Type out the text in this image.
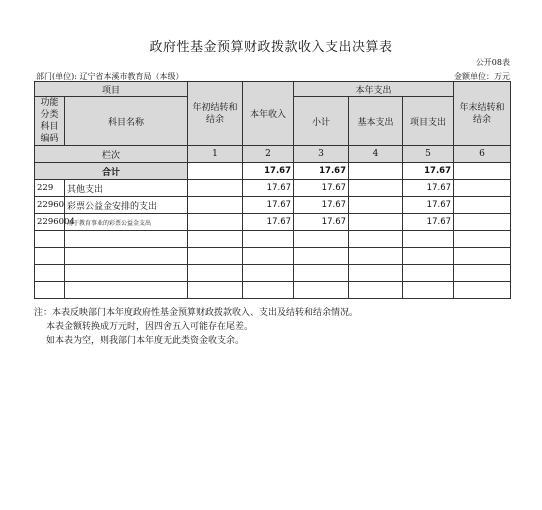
政府性基金预算财政拨款收入支出决算表
公开08表
部门(单位): 辽宁省本溪市教育局（本级）	金额单位：万元
项目		年初结转和结余	本年收入	本年支出			年末结转和结余
功能分类科目编码	科目名称			小计	基本支出	项目支出	
栏次		1	2	3	4	5	6
合计			17.67	17.67		17.67	
229	其他支出		17.67	17.67		17.67	
22960	彩票公益金安排的支出		17.67	17.67		17.67	
2296004	用于教育事业的彩票公益金支出		17.67	17.67		17.67	

注：本表反映部门本年度政府性基金预算财政拨款收入、支出及结转和结余情况。
本表金额转换成万元时，因四舍五入可能存在尾差。
如本表为空，则我部门本年度无此类资金收支余。
